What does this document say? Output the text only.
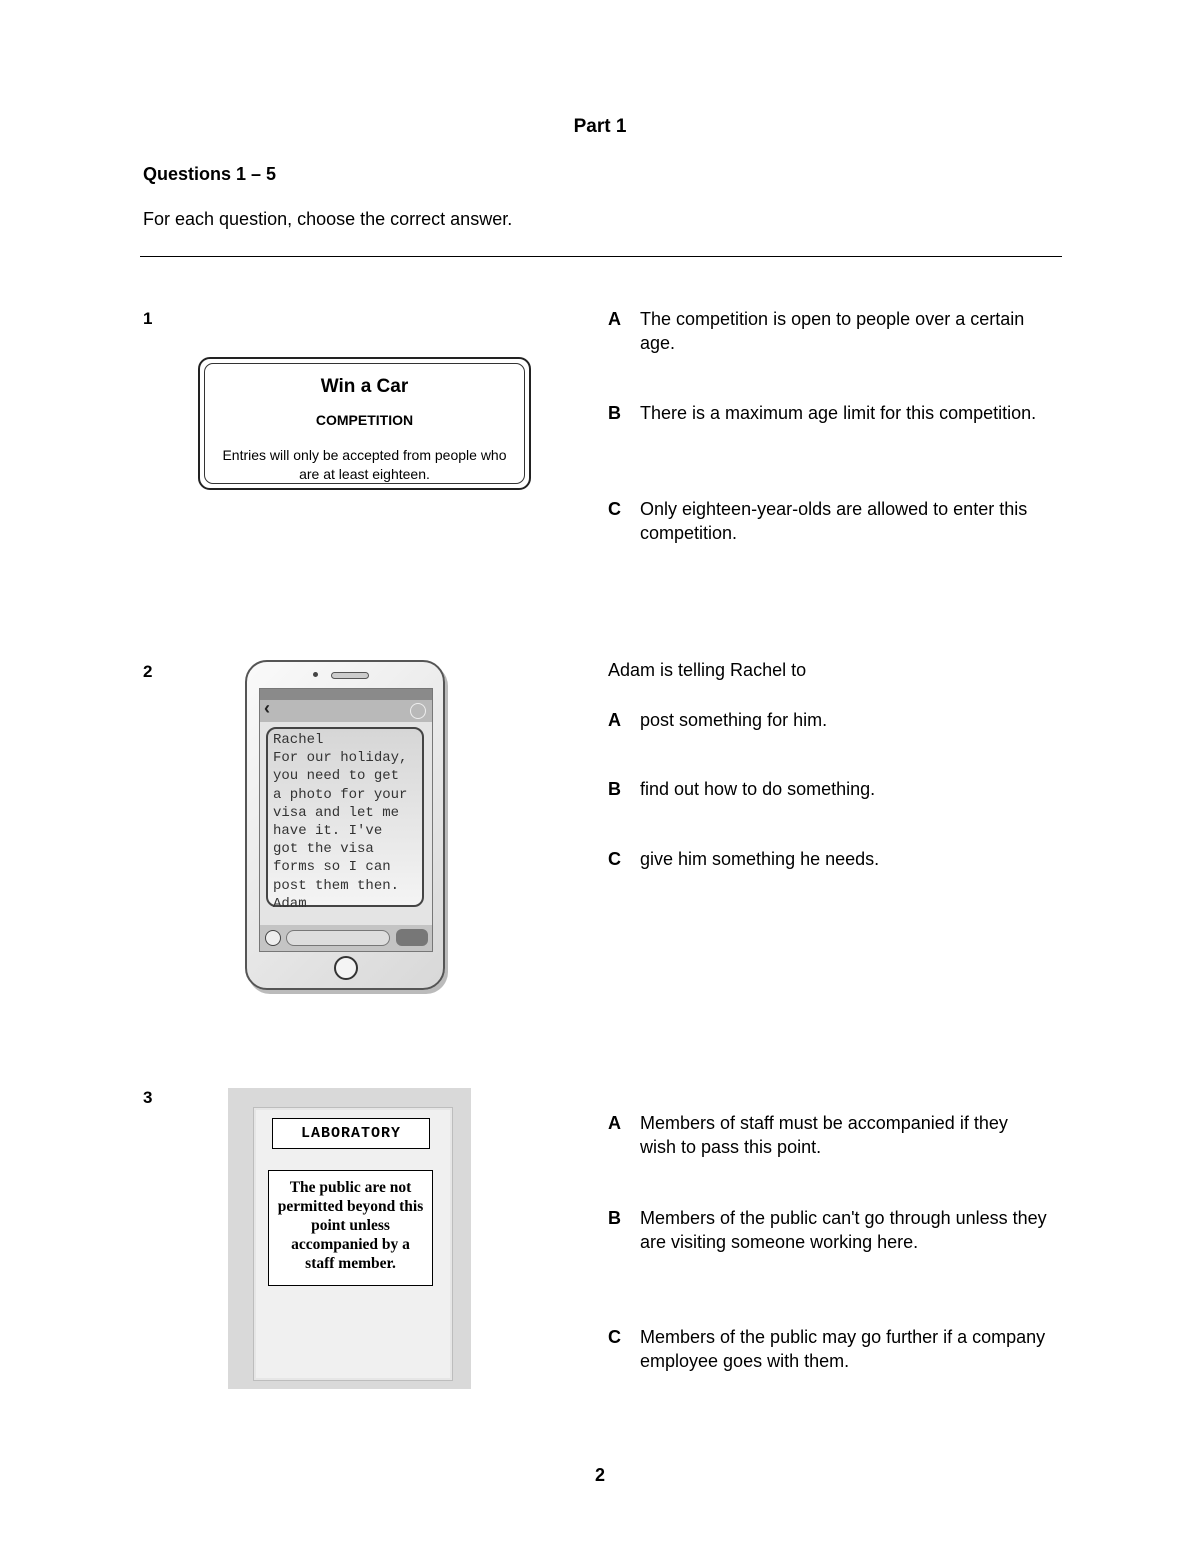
Part 1
Questions 1 – 5
For each question, choose the correct answer.
1
Win a Car
COMPETITION
Entries will only be accepted from people who are at least eighteen.
A The competition is open to people over a certain age.
B There is a maximum age limit for this competition.
C Only eighteen-year-olds are allowed to enter this competition.
2
‹
Rachel
For our holiday,
you need to get
a photo for your
visa and let me
have it. I've
got the visa
forms so I can
post them then.
Adam
Adam is telling Rachel to
A post something for him.
B find out how to do something.
C give him something he needs.
3
LABORATORY
The public are not permitted beyond this point unless accompanied by a staff member.
A Members of staff must be accompanied if they wish to pass this point.
B Members of the public can't go through unless they are visiting someone working here.
C Members of the public may go further if a company employee goes with them.
2
